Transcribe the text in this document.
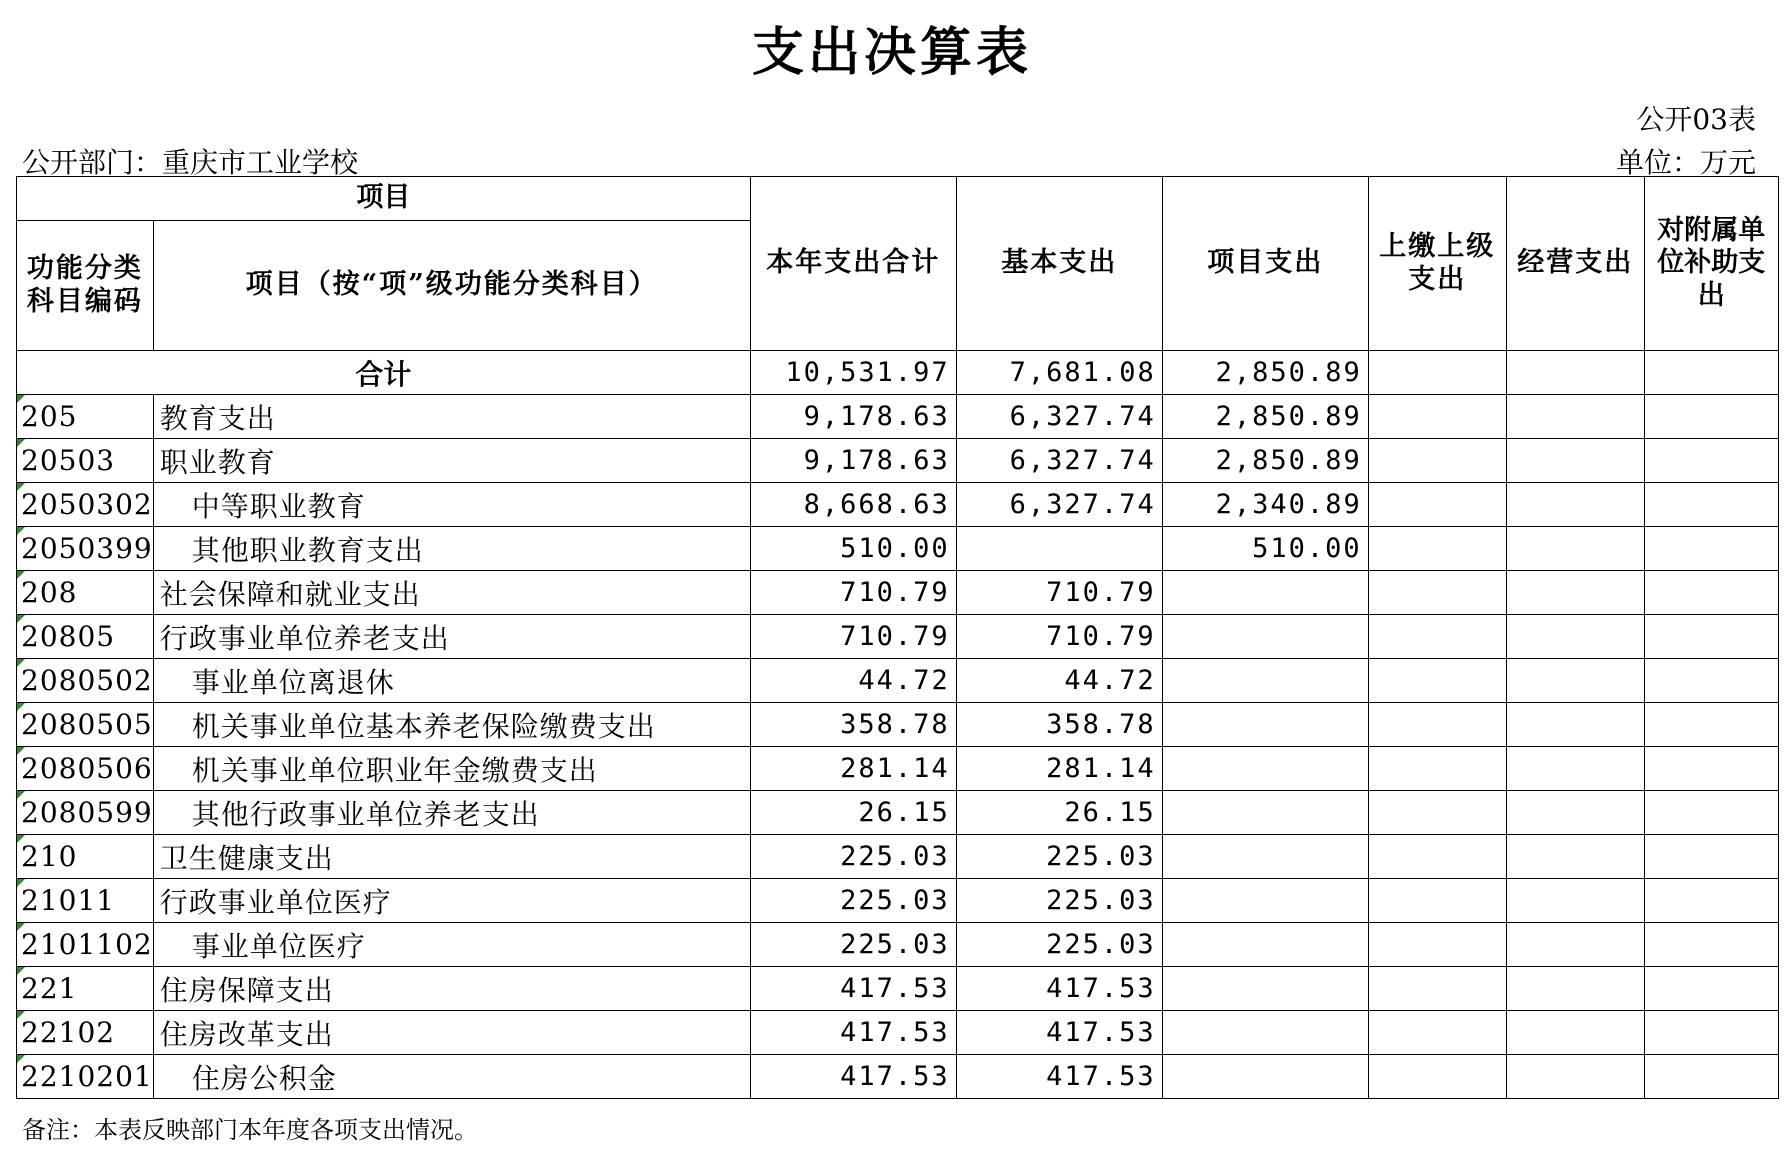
支出决算表
公开03表
公开部门：重庆市工业学校	单位：万元
项目		本年支出合计	基本支出	项目支出	上缴上级支出	经营支出	对附属单位补助支出
功能分类科目编码	项目（按“项”级功能分类科目）						
合计		10,531.97	7,681.08	2,850.89			
205	教育支出	9,178.63	6,327.74	2,850.89			
20503	职业教育	9,178.63	6,327.74	2,850.89			
2050302	中等职业教育	8,668.63	6,327.74	2,340.89			
2050399	其他职业教育支出	510.00		510.00			
208	社会保障和就业支出	710.79	710.79				
20805	行政事业单位养老支出	710.79	710.79				
2080502	事业单位离退休	44.72	44.72				
2080505	机关事业单位基本养老保险缴费支出	358.78	358.78				
2080506	机关事业单位职业年金缴费支出	281.14	281.14				
2080599	其他行政事业单位养老支出	26.15	26.15				
210	卫生健康支出	225.03	225.03				
21011	行政事业单位医疗	225.03	225.03				
2101102	事业单位医疗	225.03	225.03				
221	住房保障支出	417.53	417.53				
22102	住房改革支出	417.53	417.53				
2210201	住房公积金	417.53	417.53				
备注：本表反映部门本年度各项支出情况。
